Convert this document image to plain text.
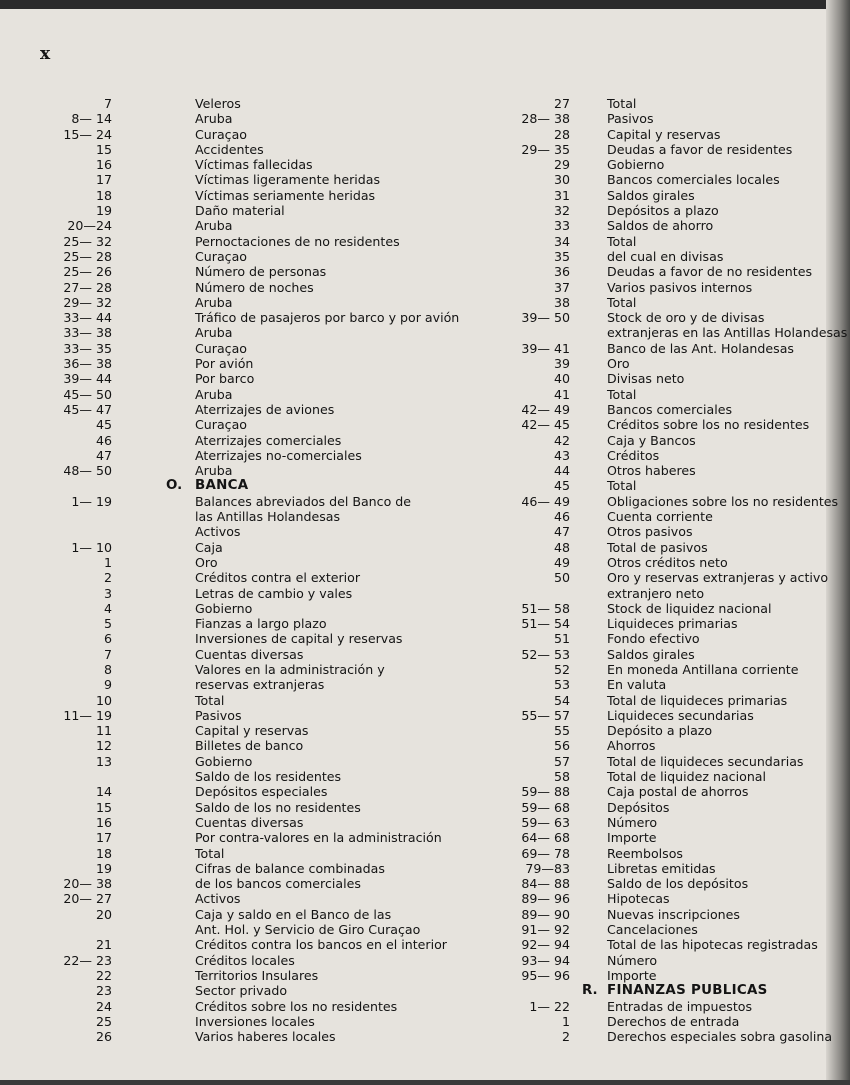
x
7	Veleros
8— 14	Aruba
15— 24	Curaçao
15	Accidentes
16	Víctimas fallecidas
17	Víctimas ligeramente heridas
18	Víctimas seriamente heridas
19	Daño material
20—24	Aruba
25— 32	Pernoctaciones de no residentes
25— 28	Curaçao
25— 26	Número de personas
27— 28	Número de noches
29— 32	Aruba
33— 44	Tráfico de pasajeros por barco y por avión
33— 38	Aruba
33— 35	Curaçao
36— 38	Por avión
39— 44	Por barco
45— 50	Aruba
45— 47	Aterrizajes de aviones
45	Curaçao
46	Aterrizajes comerciales
47	Aterrizajes no-comerciales
48— 50	Aruba
O. BANCA
1— 19	Balances abreviados del Banco de
las Antillas Holandesas
Activos
1— 10	Caja
1	Oro
2	Créditos contra el exterior
3	Letras de cambio y vales
4	Gobierno
5	Fianzas a largo plazo
6	Inversiones de capital y reservas
7	Cuentas diversas
8	Valores en la administración y
9	reservas extranjeras
10	Total
11— 19	Pasivos
11	Capital y reservas
12	Billetes de banco
13	Gobierno
Saldo de los residentes
14	Depósitos especiales
15	Saldo de los no residentes
16	Cuentas diversas
17	Por contra-valores en la administración
18	Total
19	Cifras de balance combinadas
20— 38	de los bancos comerciales
20— 27	Activos
20	Caja y saldo en el Banco de las
Ant. Hol. y Servicio de Giro Curaçao
21	Créditos contra los bancos en el interior
22— 23	Créditos locales
22	Territorios Insulares
23	Sector privado
24	Créditos sobre los no residentes
25	Inversiones locales
26	Varios haberes locales
27	Total
28— 38	Pasivos
28	Capital y reservas
29— 35	Deudas a favor de residentes
29	Gobierno
30	Bancos comerciales locales
31	Saldos girales
32	Depósitos a plazo
33	Saldos de ahorro
34	Total
35	del cual en divisas
36	Deudas a favor de no residentes
37	Varios pasivos internos
38	Total
39— 50	Stock de oro y de divisas
extranjeras en las Antillas Holandesas
39— 41	Banco de las Ant. Holandesas
39	Oro
40	Divisas neto
41	Total
42— 49	Bancos comerciales
42— 45	Créditos sobre los no residentes
42	Caja y Bancos
43	Créditos
44	Otros haberes
45	Total
46— 49	Obligaciones sobre los no residentes
46	Cuenta corriente
47	Otros pasivos
48	Total de pasivos
49	Otros créditos neto
50	Oro y reservas extranjeras y activo
extranjero neto
51— 58	Stock de liquidez nacional
51— 54	Liquideces primarias
51	Fondo efectivo
52— 53	Saldos girales
52	En moneda Antillana corriente
53	En valuta
54	Total de liquideces primarias
55— 57	Liquideces secundarias
55	Depósito a plazo
56	Ahorros
57	Total de liquideces secundarias
58	Total de liquidez nacional
59— 88	Caja postal de ahorros
59— 68	Depósitos
59— 63	Número
64— 68	Importe
69— 78	Reembolsos
79—83	Libretas emitidas
84— 88	Saldo de los depósitos
89— 96	Hipotecas
89— 90	Nuevas inscripciones
91— 92	Cancelaciones
92— 94	Total de las hipotecas registradas
93— 94	Número
95— 96	Importe
R. FINANZAS PUBLICAS
1— 22	Entradas de impuestos
1	Derechos de entrada
2	Derechos especiales sobra gasolina
